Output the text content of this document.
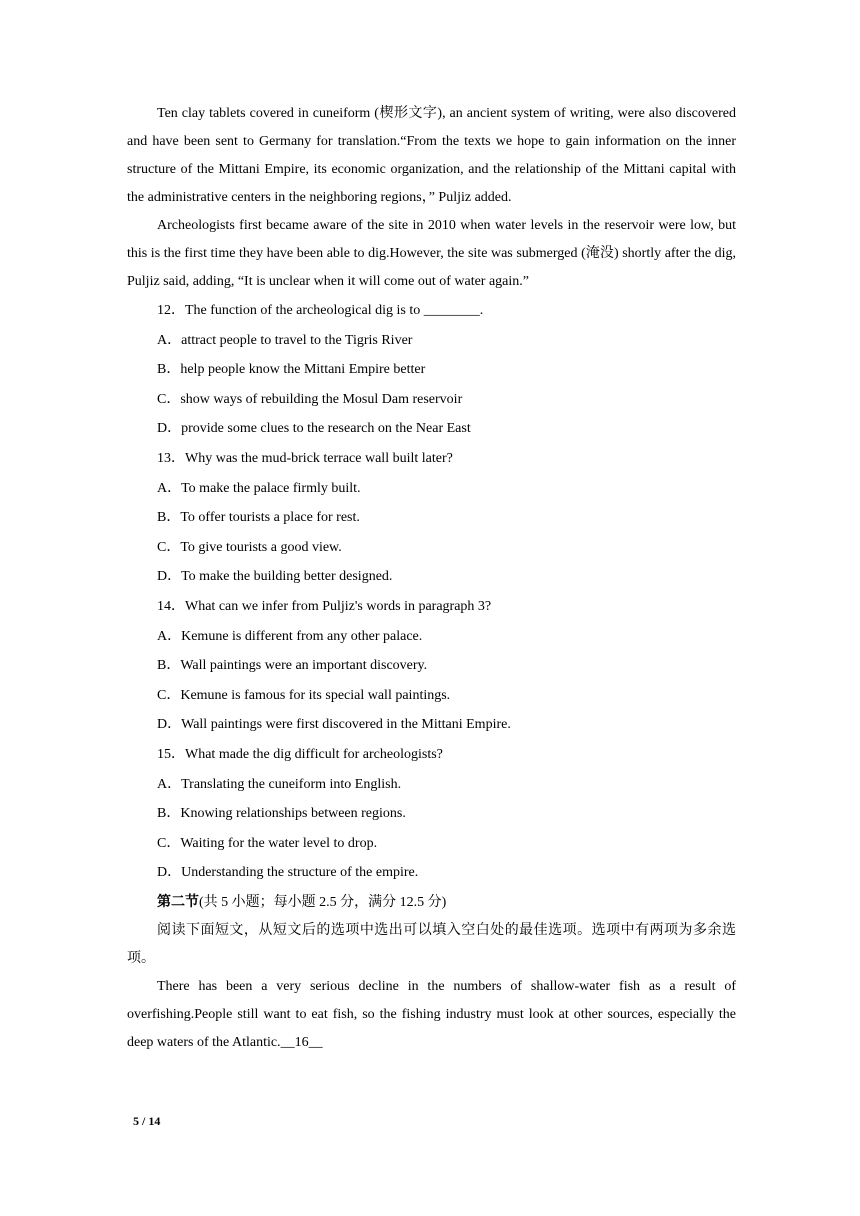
Ten clay tablets covered in cuneiform (楔形文字), an ancient system of writing, were also discovered and have been sent to Germany for translation.“From the texts we hope to gain information on the inner structure of the Mittani Empire, its economic organization, and the relationship of the Mittani capital with the administrative centers in the neighboring regions，” Puljiz added.

Archeologists first became aware of the site in 2010 when water levels in the reservoir were low, but this is the first time they have been able to dig.However, the site was submerged (淹没) shortly after the dig, Puljiz said, adding, “It is unclear when it will come out of water again.”

12．The function of the archeological dig is to ________.

A．attract people to travel to the Tigris River

B．help people know the Mittani Empire better

C．show ways of rebuilding the Mosul Dam reservoir

D．provide some clues to the research on the Near East

13．Why was the mud-brick terrace wall built later?

A．To make the palace firmly built.

B．To offer tourists a place for rest.

C．To give tourists a good view.

D．To make the building better designed.

14．What can we infer from Puljiz's words in paragraph 3?

A．Kemune is different from any other palace.

B．Wall paintings were an important discovery.

C．Kemune is famous for its special wall paintings.

D．Wall paintings were first discovered in the Mittani Empire.

15．What made the dig difficult for archeologists?

A．Translating the cuneiform into English.

B．Knowing relationships between regions.

C．Waiting for the water level to drop.

D．Understanding the structure of the empire.

第二节(共 5 小题；每小题 2.5 分，满分 12.5 分)

阅读下面短文，从短文后的选项中选出可以填入空白处的最佳选项。选项中有两项为多余选项。

There has been a very serious decline in the numbers of shallow-water fish as a result of overfishing.People still want to eat fish, so the fishing industry must look at other sources, especially the deep waters of the Atlantic.__16__

5 / 14
